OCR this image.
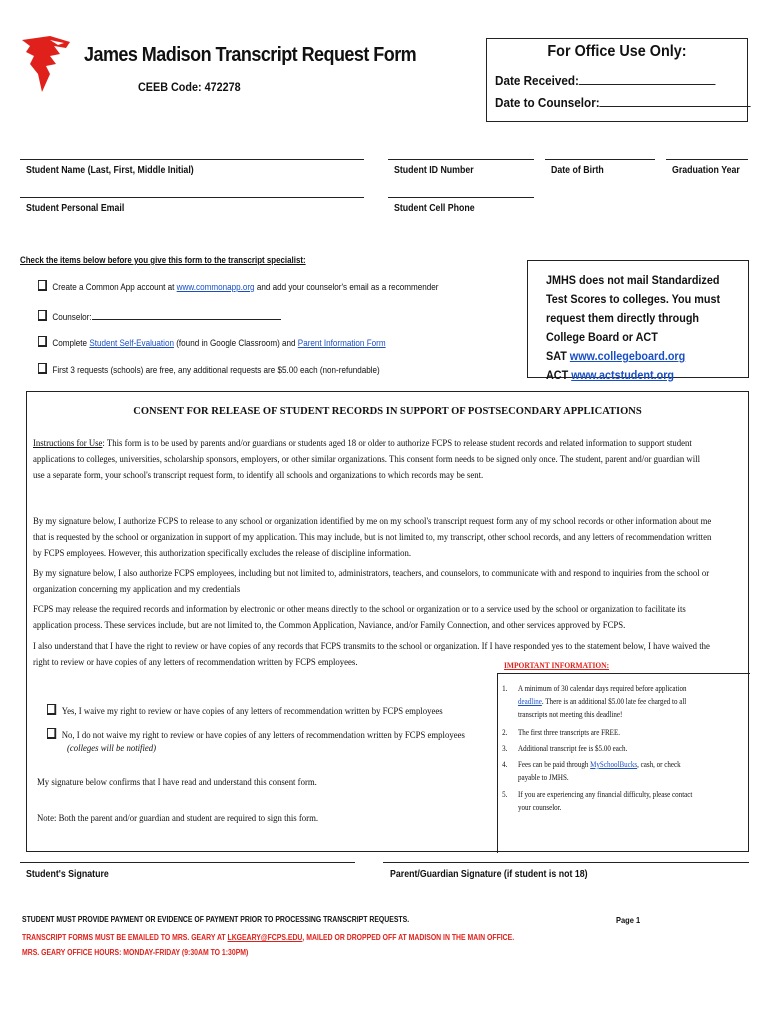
James Madison Transcript Request Form
CEEB Code: 472278
For Office Use Only:
Date Received:
Date to Counselor:
Student Name (Last, First, Middle Initial)	Student ID Number	Date of Birth	Graduation Year
Student Personal Email	Student Cell Phone
Check the items below before you give this form to the transcript specialist:
Create a Common App account at www.commonapp.org and add your counselor's email as a recommender
Counselor:
Complete Student Self-Evaluation (found in Google Classroom) and Parent Information Form
First 3 requests (schools) are free, any additional requests are $5.00 each (non-refundable)
JMHS does not mail Standardized Test Scores to colleges. You must request them directly through College Board or ACT
SAT www.collegeboard.org
ACT www.actstudent.org
CONSENT FOR RELEASE OF STUDENT RECORDS IN SUPPORT OF POSTSECONDARY APPLICATIONS
Instructions for Use: This form is to be used by parents and/or guardians or students aged 18 or older to authorize FCPS to release student records and related information to support student applications to colleges, universities, scholarship sponsors, employers, or other similar organizations. This consent form needs to be signed only once. The student, parent and/or guardian will use a separate form, your school's transcript request form, to identify all schools and organizations to which records may be sent.
By my signature below, I authorize FCPS to release to any school or organization identified by me on my school's transcript request form any of my school records or other information about me that is requested by the school or organization in support of my application. This may include, but is not limited to, my transcript, other school records, and any letters of recommendation written by FCPS employees. However, this authorization specifically excludes the release of discipline information.
By my signature below, I also authorize FCPS employees, including but not limited to, administrators, teachers, and counselors, to communicate with and respond to inquiries from the school or organization concerning my application and my credentials
FCPS may release the required records and information by electronic or other means directly to the school or organization or to a service used by the school or organization to facilitate its application process. These services include, but are not limited to, the Common Application, Naviance, and/or Family Connection, and other services approved by FCPS.
I also understand that I have the right to review or have copies of any records that FCPS transmits to the school or organization. If I have responded yes to the statement below, I have waived the right to review or have copies of any letters of recommendation written by FCPS employees.
Yes, I waive my right to review or have copies of any letters of recommendation written by FCPS employees
No, I do not waive my right to review or have copies of any letters of recommendation written by FCPS employees
(colleges will be notified)
My signature below confirms that I have read and understand this consent form.
Note: Both the parent and/or guardian and student are required to sign this form.
IMPORTANT INFORMATION:
1. A minimum of 30 calendar days required before application deadline. There is an additional $5.00 late fee charged to all transcripts not meeting this deadline!
2. The first three transcripts are FREE.
3. Additional transcript fee is $5.00 each.
4. Fees can be paid through MySchoolBucks, cash, or check payable to JMHS.
5. If you are experiencing any financial difficulty, please contact your counselor.
Student's Signature	Parent/Guardian Signature (if student is not 18)
STUDENT MUST PROVIDE PAYMENT OR EVIDENCE OF PAYMENT PRIOR TO PROCESSING TRANSCRIPT REQUESTS.	Page 1
TRANSCRIPT FORMS MUST BE EMAILED TO MRS. GEARY AT LKGEARY@FCPS.EDU, MAILED OR DROPPED OFF AT MADISON IN THE MAIN OFFICE.
MRS. GEARY OFFICE HOURS: MONDAY-FRIDAY (9:30AM TO 1:30PM)
